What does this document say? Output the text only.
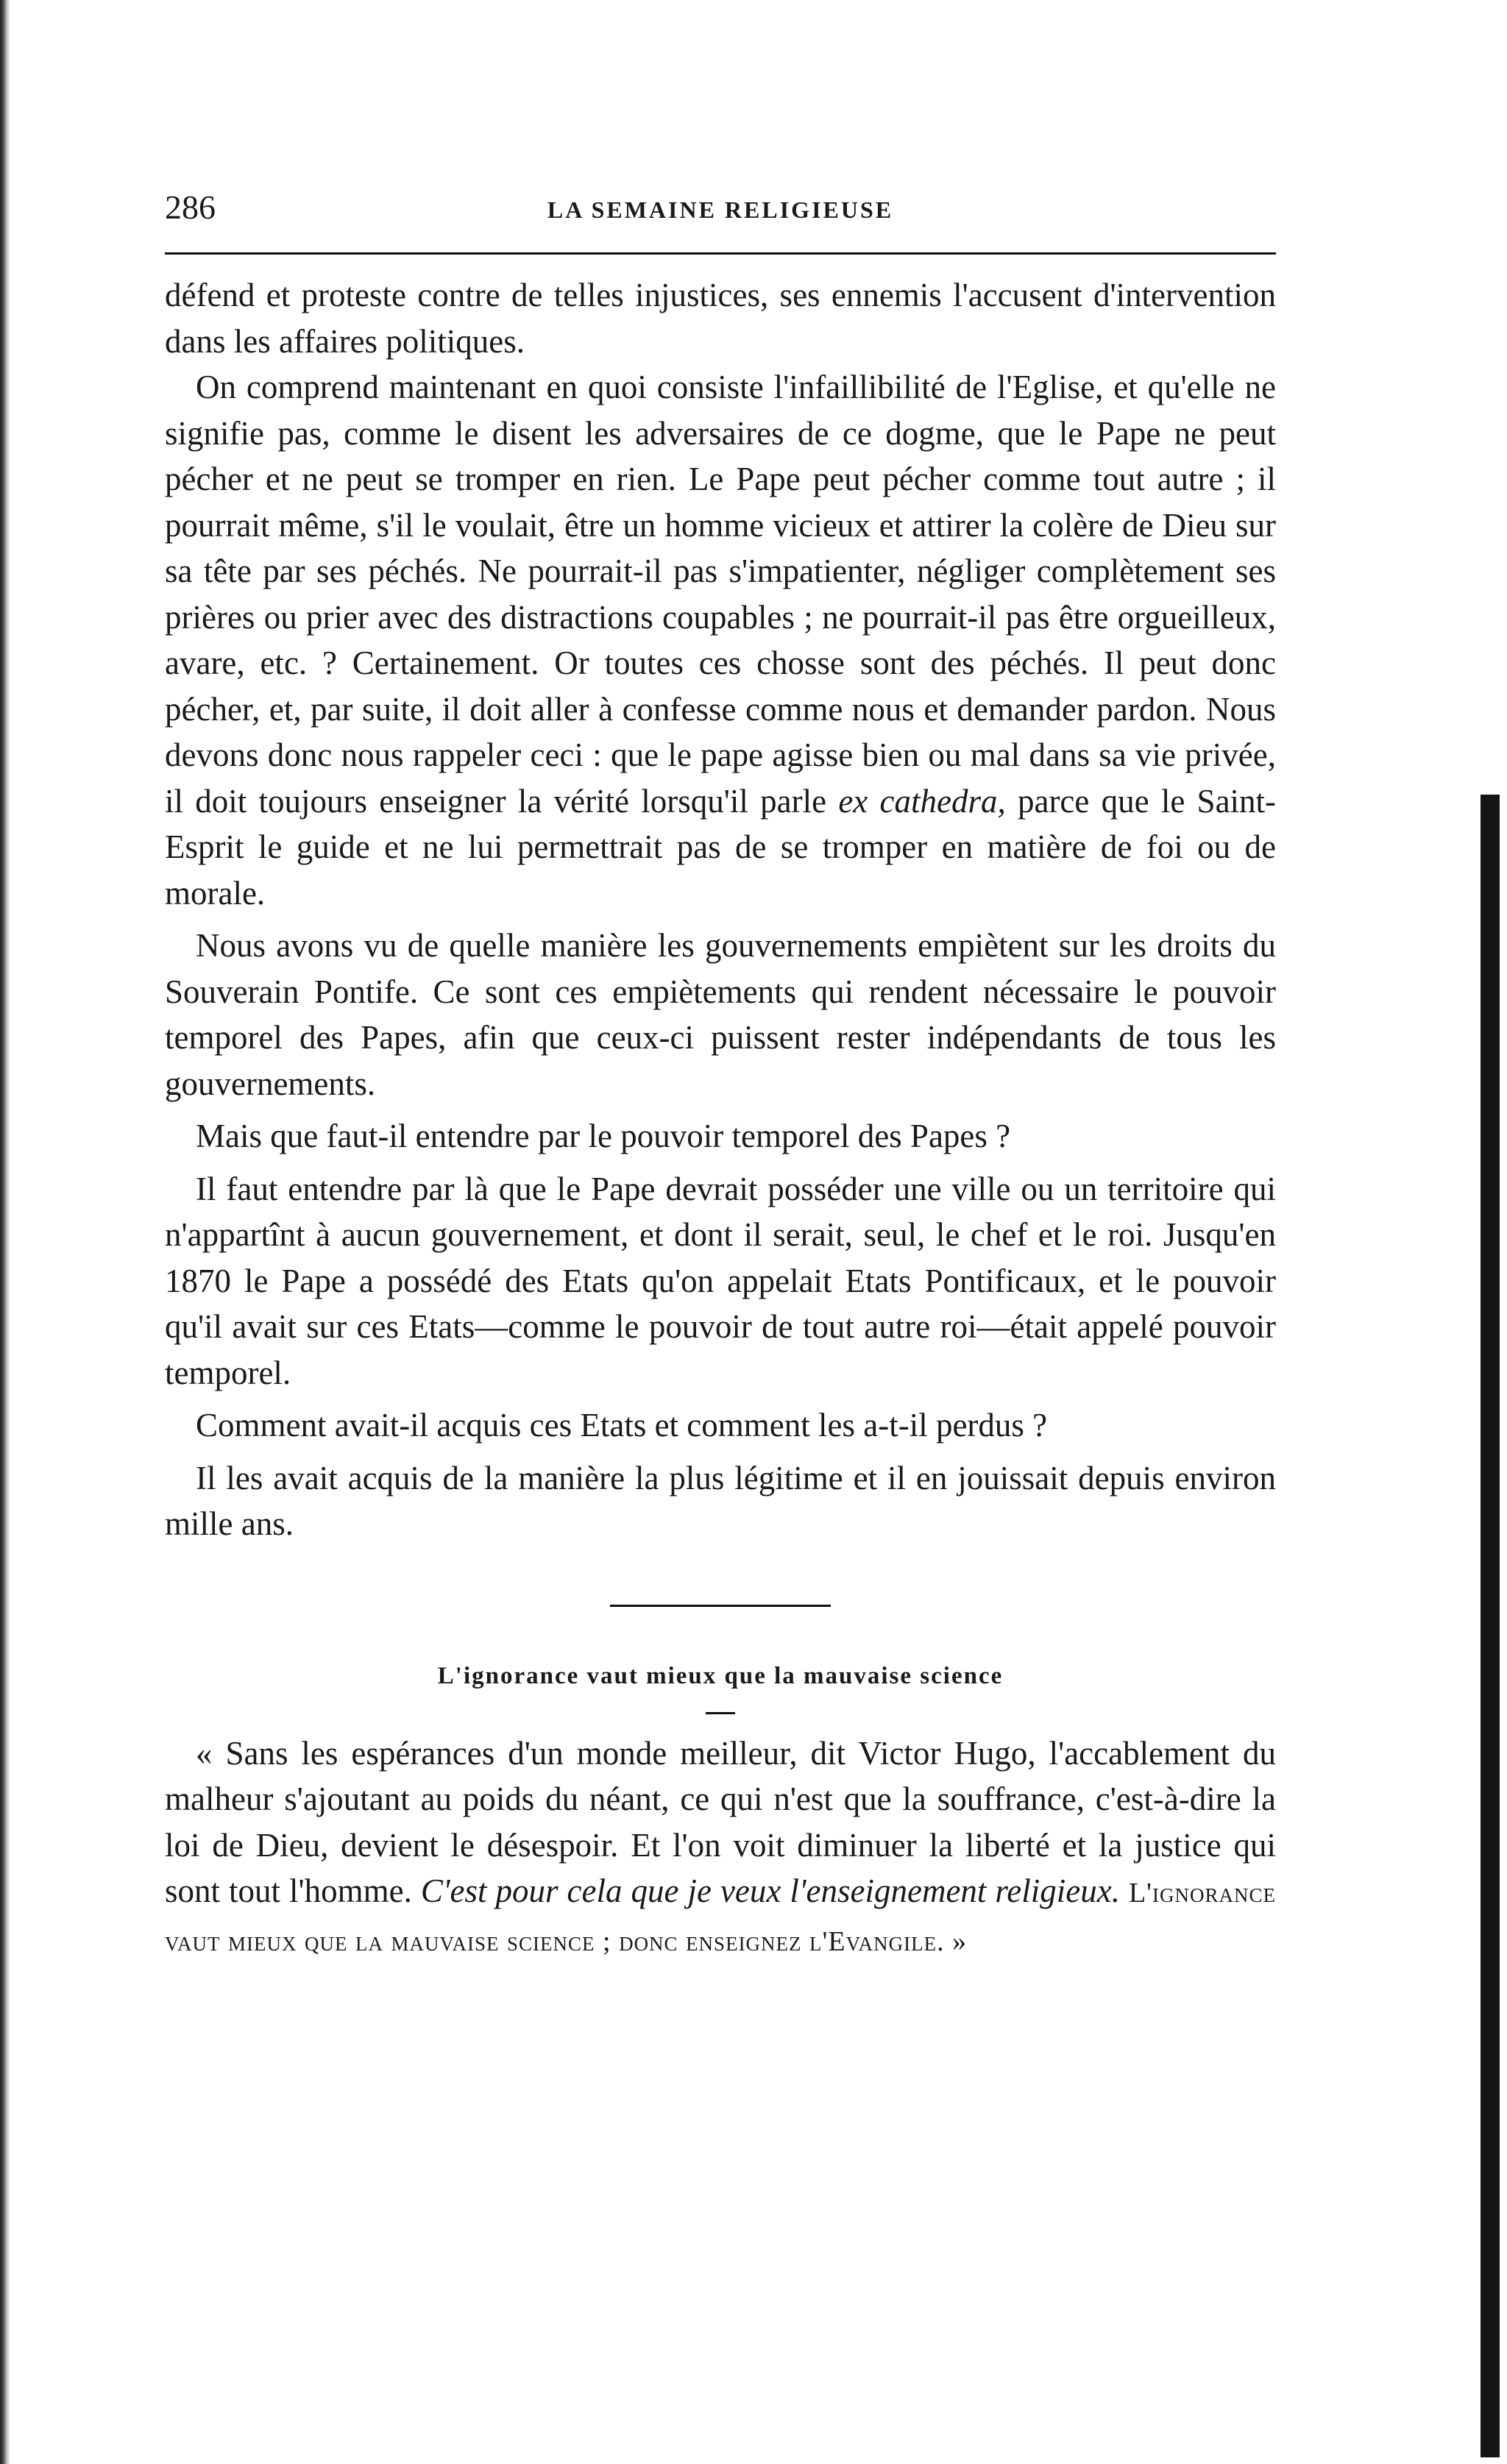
286	LA SEMAINE RELIGIEUSE

défend et proteste contre de telles injustices, ses ennemis l'accusent d'intervention dans les affaires politiques.

On comprend maintenant en quoi consiste l'infaillibilité de l'Eglise, et qu'elle ne signifie pas, comme le disent les adversaires de ce dogme, que le Pape ne peut pécher et ne peut se tromper en rien. Le Pape peut pécher comme tout autre ; il pourrait même, s'il le voulait, être un homme vicieux et attirer la colère de Dieu sur sa tête par ses péchés. Ne pourrait-il pas s'impatienter, négliger complètement ses prières ou prier avec des distractions coupables ; ne pourrait-il pas être orgueilleux, avare, etc. ? Certainement. Or toutes ces chosse sont des péchés. Il peut donc pécher, et, par suite, il doit aller à confesse comme nous et demander pardon. Nous devons donc nous rappeler ceci : que le pape agisse bien ou mal dans sa vie privée, il doit toujours enseigner la vérité lorsqu'il parle ex cathedra, parce que le Saint-Esprit le guide et ne lui permettrait pas de se tromper en matière de foi ou de morale.

Nous avons vu de quelle manière les gouvernements empiètent sur les droits du Souverain Pontife. Ce sont ces empiètements qui rendent nécessaire le pouvoir temporel des Papes, afin que ceux-ci puissent rester indépendants de tous les gouvernements.

Mais que faut-il entendre par le pouvoir temporel des Papes ?

Il faut entendre par là que le Pape devrait posséder une ville ou un territoire qui n'appartînt à aucun gouvernement, et dont il serait, seul, le chef et le roi. Jusqu'en 1870 le Pape a possédé des Etats qu'on appelait Etats Pontificaux, et le pouvoir qu'il avait sur ces Etats—comme le pouvoir de tout autre roi—était appelé pouvoir temporel.

Comment avait-il acquis ces Etats et comment les a-t-il perdus ?

Il les avait acquis de la manière la plus légitime et il en jouissait depuis environ mille ans.

L'ignorance vaut mieux que la mauvaise science

« Sans les espérances d'un monde meilleur, dit Victor Hugo, l'accablement du malheur s'ajoutant au poids du néant, ce qui n'est que la souffrance, c'est-à-dire la loi de Dieu, devient le désespoir. Et l'on voit diminuer la liberté et la justice qui sont tout l'homme. C'est pour cela que je veux l'enseignement religieux. L'ignorance vaut mieux que la mauvaise science ; donc enseignez l'Evangile. »
